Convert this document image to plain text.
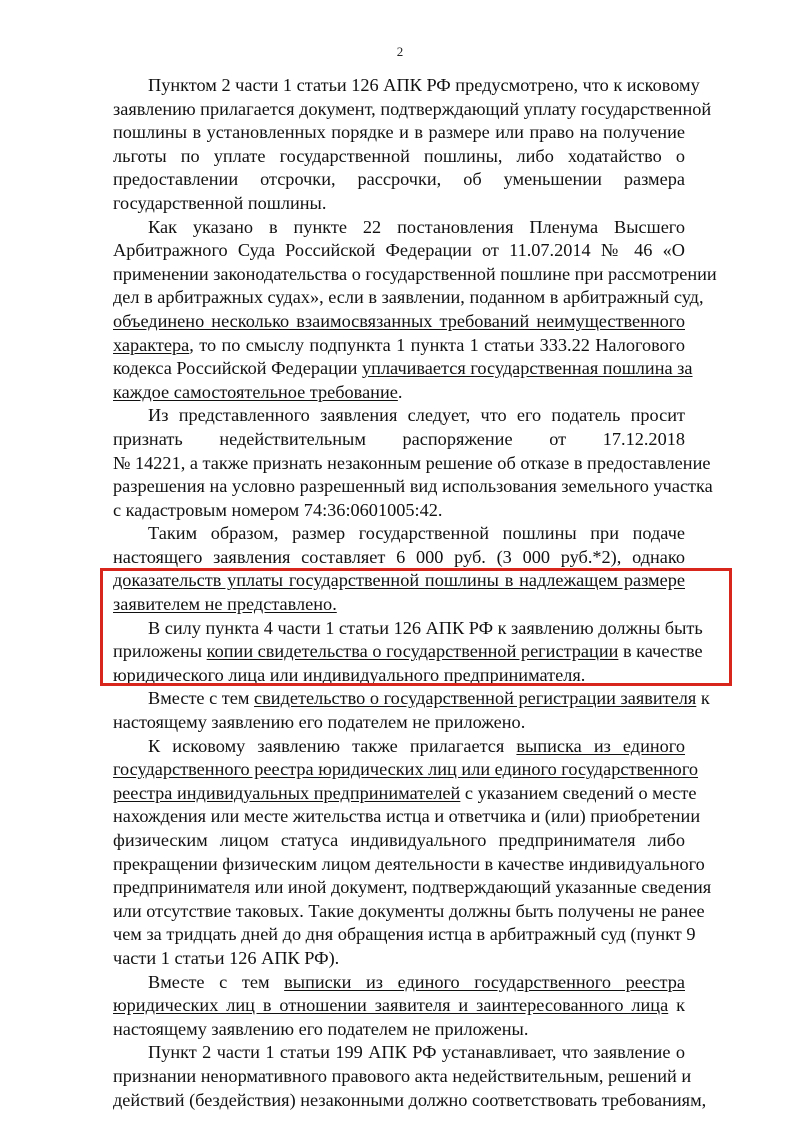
2
Пунктом 2 части 1 статьи 126 АПК РФ предусмотрено, что к исковому
заявлению прилагается документ, подтверждающий уплату государственной
пошлины в установленных порядке и в размере или право на получение
льготы по уплате государственной пошлины, либо ходатайство о
предоставлении отсрочки, рассрочки, об уменьшении размера
государственной пошлины.
Как указано в пункте 22 постановления Пленума Высшего
Арбитражного Суда Российской Федерации от 11.07.2014 № 46 «О
применении законодательства о государственной пошлине при рассмотрении
дел в арбитражных судах», если в заявлении, поданном в арбитражный суд,
объединено несколько взаимосвязанных требований неимущественного
характера, то по смыслу подпункта 1 пункта 1 статьи 333.22 Налогового
кодекса Российской Федерации уплачивается государственная пошлина за
каждое самостоятельное требование.
Из представленного заявления следует, что его податель просит
признать недействительным распоряжение от 17.12.2018
№ 14221, а также признать незаконным решение об отказе в предоставление
разрешения на условно разрешенный вид использования земельного участка
с кадастровым номером 74:36:0601005:42.
Таким образом, размер государственной пошлины при подаче
настоящего заявления составляет 6 000 руб. (3 000 руб.*2), однако
доказательств уплаты государственной пошлины в надлежащем размере
заявителем не представлено.
В силу пункта 4 части 1 статьи 126 АПК РФ к заявлению должны быть
приложены копии свидетельства о государственной регистрации в качестве
юридического лица или индивидуального предпринимателя.
Вместе с тем свидетельство о государственной регистрации заявителя к
настоящему заявлению его подателем не приложено.
К исковому заявлению также прилагается выписка из единого
государственного реестра юридических лиц или единого государственного
реестра индивидуальных предпринимателей с указанием сведений о месте
нахождения или месте жительства истца и ответчика и (или) приобретении
физическим лицом статуса индивидуального предпринимателя либо
прекращении физическим лицом деятельности в качестве индивидуального
предпринимателя или иной документ, подтверждающий указанные сведения
или отсутствие таковых. Такие документы должны быть получены не ранее
чем за тридцать дней до дня обращения истца в арбитражный суд (пункт 9
части 1 статьи 126 АПК РФ).
Вместе с тем выписки из единого государственного реестра
юридических лиц в отношении заявителя и заинтересованного лица к
настоящему заявлению его подателем не приложены.
Пункт 2 части 1 статьи 199 АПК РФ устанавливает, что заявление о
признании ненормативного правового акта недействительным, решений и
действий (бездействия) незаконными должно соответствовать требованиям,
